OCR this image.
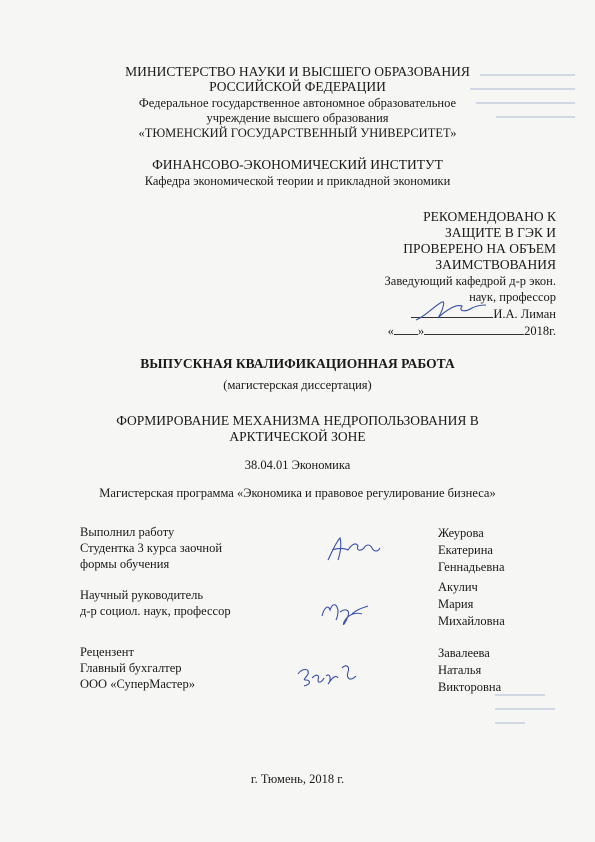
МИНИСТЕРСТВО НАУКИ И ВЫСШЕГО ОБРАЗОВАНИЯ
РОССИЙСКОЙ ФЕДЕРАЦИИ
Федеральное государственное автономное образовательное
учреждение высшего образования
«ТЮМЕНСКИЙ ГОСУДАРСТВЕННЫЙ УНИВЕРСИТЕТ»
ФИНАНСОВО-ЭКОНОМИЧЕСКИЙ ИНСТИТУТ
Кафедра экономической теории и прикладной экономики
РЕКОМЕНДОВАНО К
ЗАЩИТЕ В ГЭК И
ПРОВЕРЕНО НА ОБЪЕМ
ЗАИМСТВОВАНИЯ
Заведующий кафедрой д-р экон.
наук, профессор
И.А. Лиман
« »	2018г.
ВЫПУСКНАЯ КВАЛИФИКАЦИОННАЯ РАБОТА
(магистерская диссертация)
ФОРМИРОВАНИЕ МЕХАНИЗМА НЕДРОПОЛЬЗОВАНИЯ В
АРКТИЧЕСКОЙ ЗОНЕ
38.04.01 Экономика
Магистерская программа «Экономика и правовое регулирование бизнеса»
Выполнил работу
Студентка 3 курса заочной
формы обучения
Жеурова
Екатерина
Геннадьевна
Научный руководитель
д-р социол. наук, профессор
Акулич
Мария
Михайловна
Рецензент
Главный бухгалтер
ООО «СуперМастер»
Завалеева
Наталья
Викторовна
г. Тюмень, 2018 г.
